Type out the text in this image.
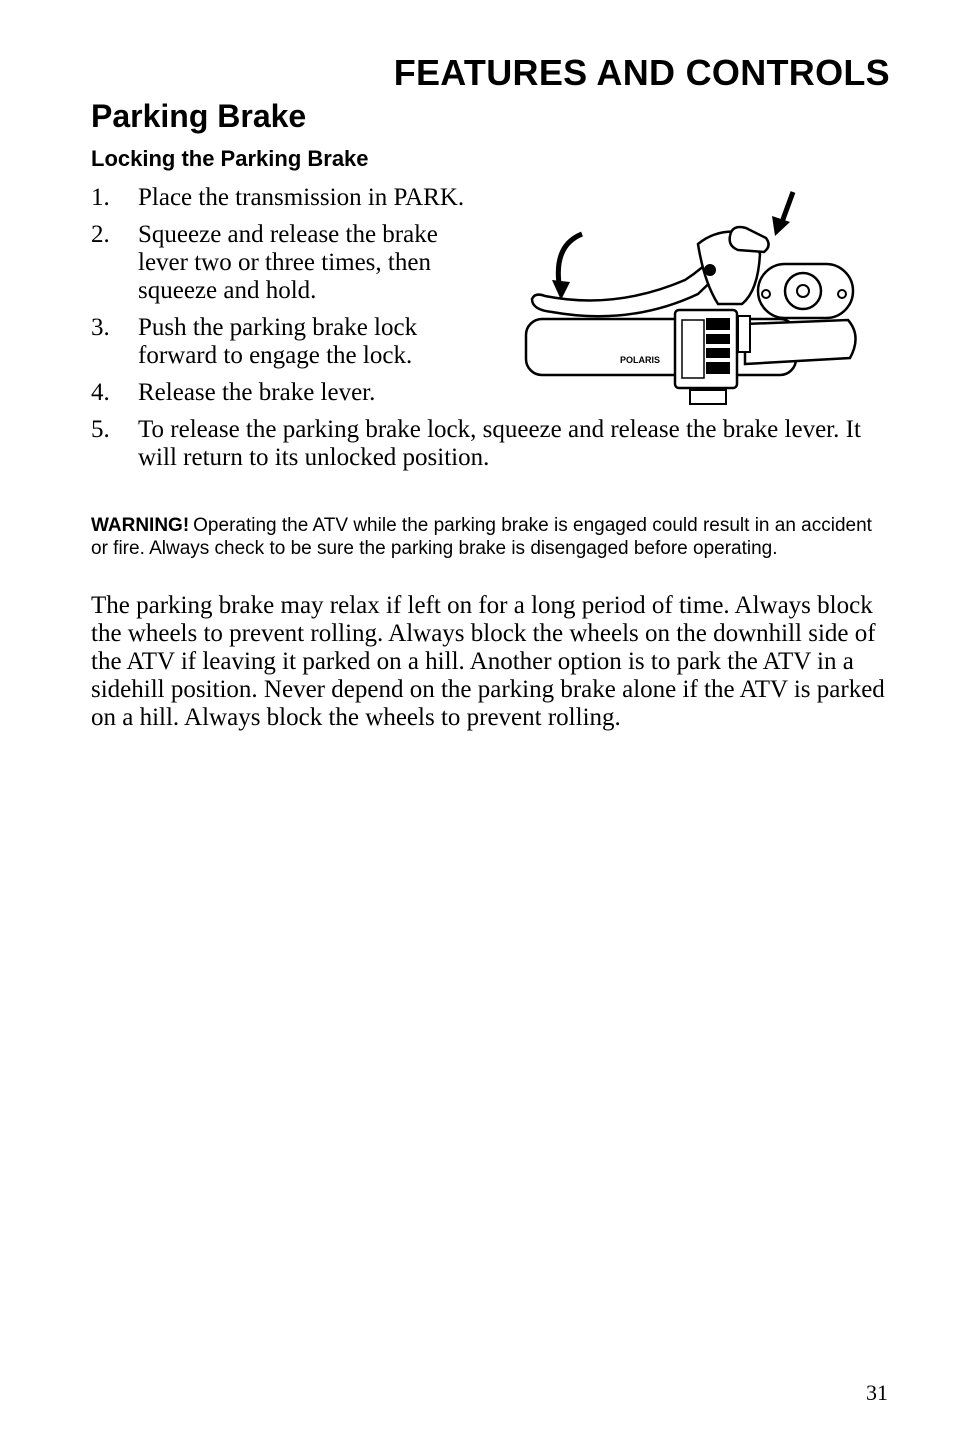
FEATURES AND CONTROLS
Parking Brake
Locking the Parking Brake
1. Place the transmission in PARK.
2. Squeeze and release the brake lever two or three times, then squeeze and hold.
3. Push the parking brake lock forward to engage the lock.
4. Release the brake lever.
5. To release the parking brake lock, squeeze and release the brake lever. It will return to its unlocked position.
POLARIS

WARNING! Operating the ATV while the parking brake is engaged could result in an accident or fire. Always check to be sure the parking brake is disengaged before operating.

The parking brake may relax if left on for a long period of time. Always block the wheels to prevent rolling. Always block the wheels on the downhill side of the ATV if leaving it parked on a hill. Another option is to park the ATV in a sidehill position. Never depend on the parking brake alone if the ATV is parked on a hill. Always block the wheels to prevent rolling.

31
